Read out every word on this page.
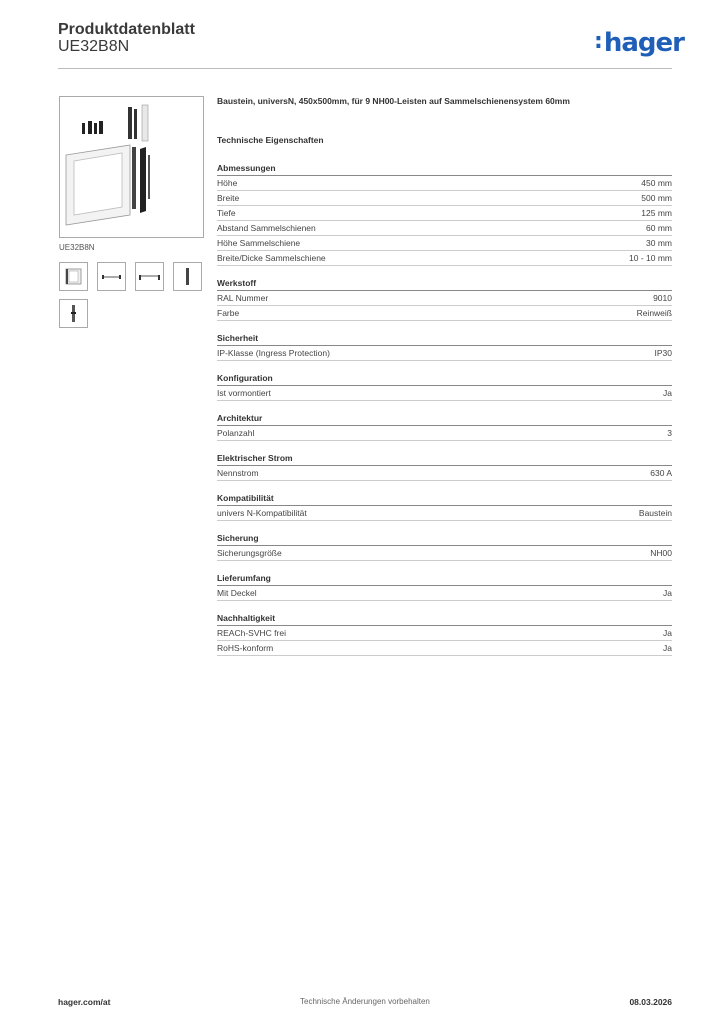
Produktdatenblatt
UE32B8N	:hager
UE32B8N
Baustein, universN, 450x500mm, für 9 NH00-Leisten auf Sammelschienensystem 60mm
Technische Eigenschaften
Abmessungen
Höhe	450 mm
Breite	500 mm
Tiefe	125 mm
Abstand Sammelschienen	60 mm
Höhe Sammelschiene	30 mm
Breite/Dicke Sammelschiene	10 - 10 mm
Werkstoff
RAL Nummer	9010
Farbe	Reinweiß
Sicherheit
IP-Klasse (Ingress Protection)	IP30
Konfiguration
Ist vormontiert	Ja
Architektur
Polanzahl	3
Elektrischer Strom
Nennstrom	630 A
Kompatibilität
univers N-Kompatibilität	Baustein
Sicherung
Sicherungsgröße	NH00
Lieferumfang
Mit Deckel	Ja
Nachhaltigkeit
REACh-SVHC frei	Ja
RoHS-konform	Ja
hager.com/at	Technische Änderungen vorbehalten	08.03.2026
